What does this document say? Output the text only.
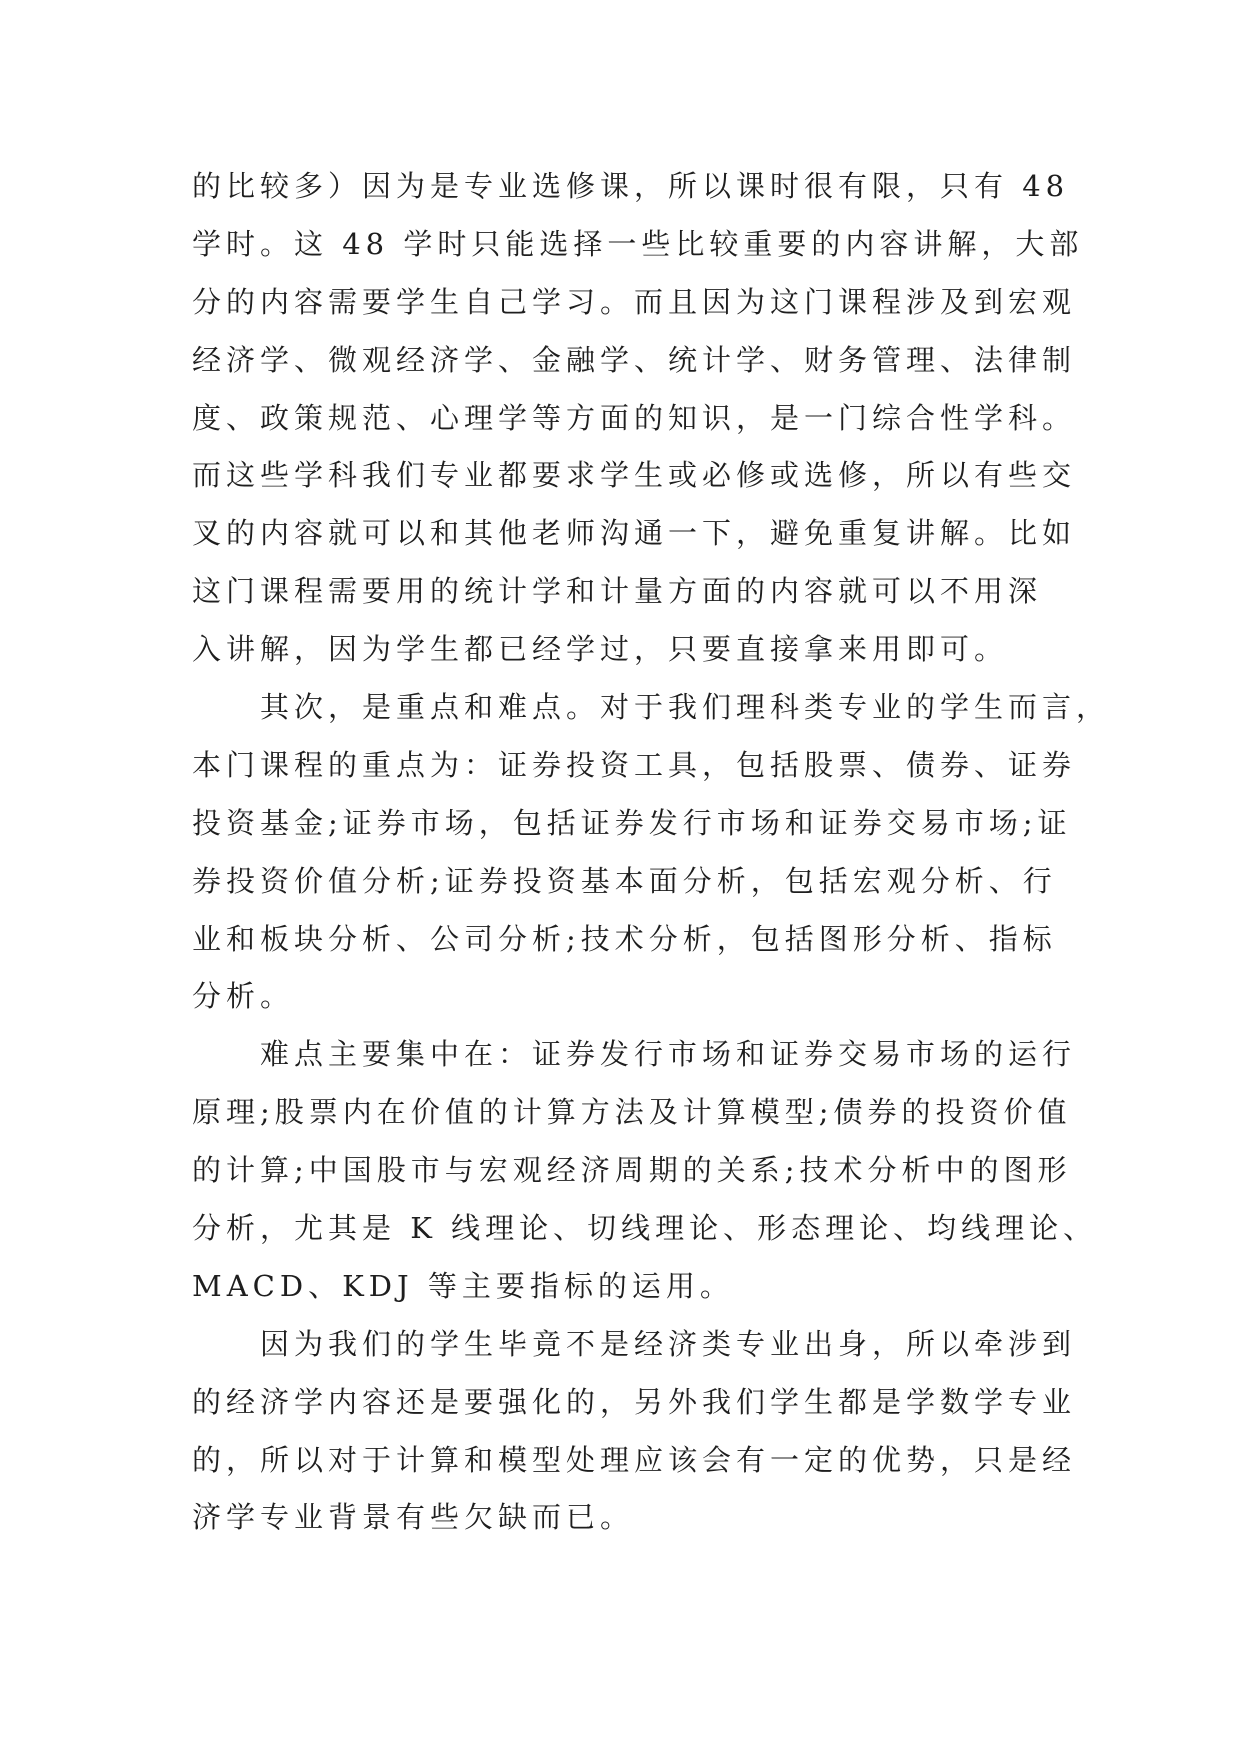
的比较多）因为是专业选修课，所以课时很有限，只有 48
学时。这 48 学时只能选择一些比较重要的内容讲解，大部
分的内容需要学生自己学习。而且因为这门课程涉及到宏观
经济学、微观经济学、金融学、统计学、财务管理、法律制
度、政策规范、心理学等方面的知识，是一门综合性学科。
而这些学科我们专业都要求学生或必修或选修，所以有些交
叉的内容就可以和其他老师沟通一下，避免重复讲解。比如
这门课程需要用的统计学和计量方面的内容就可以不用深
入讲解，因为学生都已经学过，只要直接拿来用即可。
其次，是重点和难点。对于我们理科类专业的学生而言，
本门课程的重点为：证券投资工具，包括股票、债券、证券
投资基金;证券市场，包括证券发行市场和证券交易市场;证
券投资价值分析;证券投资基本面分析，包括宏观分析、行
业和板块分析、公司分析;技术分析，包括图形分析、指标
分析。
难点主要集中在：证券发行市场和证券交易市场的运行
原理;股票内在价值的计算方法及计算模型;债券的投资价值
的计算;中国股市与宏观经济周期的关系;技术分析中的图形
分析，尤其是 K 线理论、切线理论、形态理论、均线理论、
MACD、KDJ 等主要指标的运用。
因为我们的学生毕竟不是经济类专业出身，所以牵涉到
的经济学内容还是要强化的，另外我们学生都是学数学专业
的，所以对于计算和模型处理应该会有一定的优势，只是经
济学专业背景有些欠缺而已。
